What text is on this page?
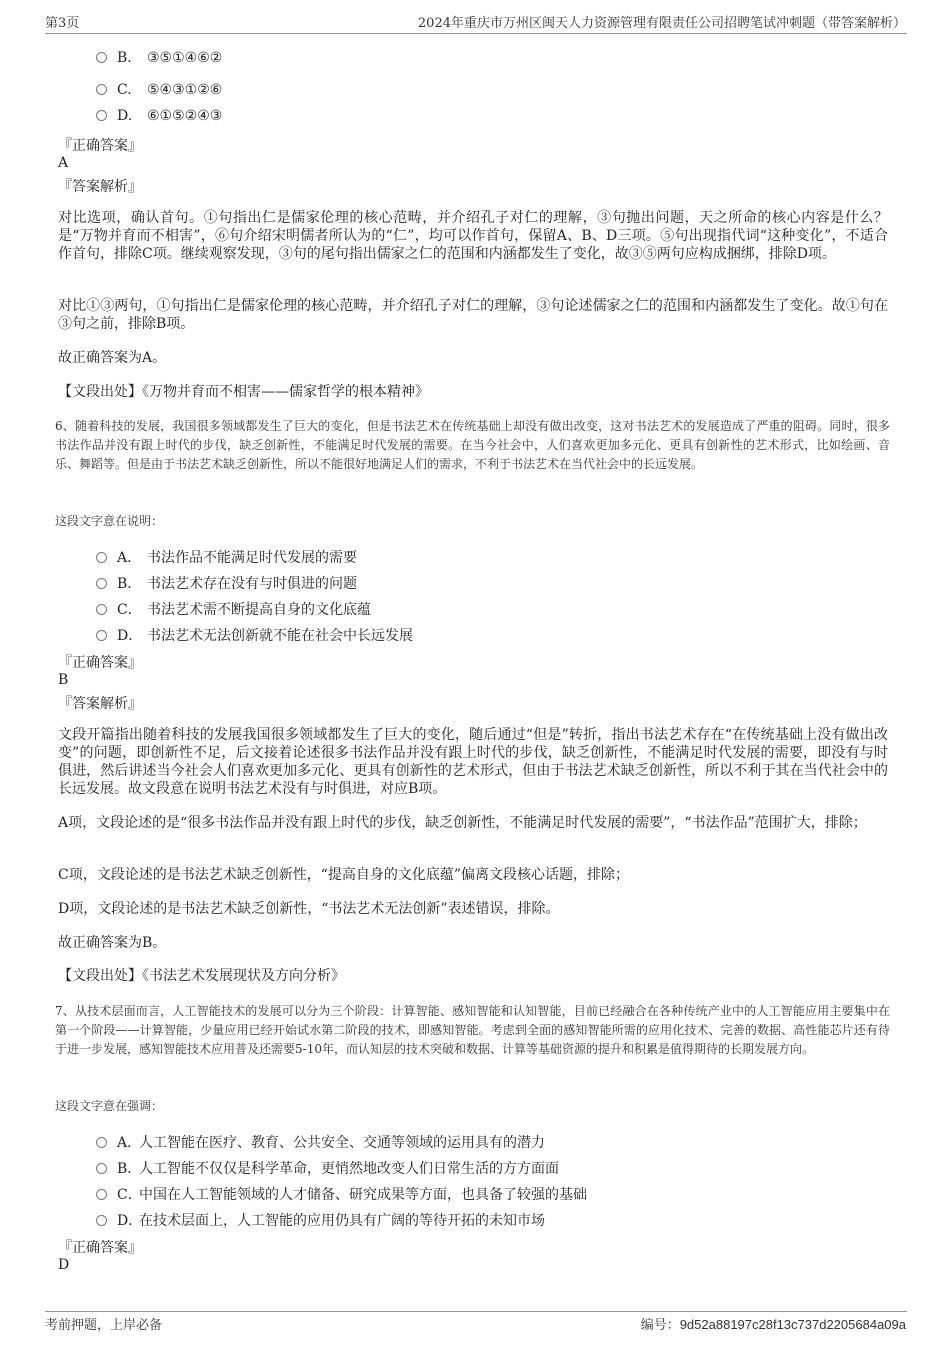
第3页	2024年重庆市万州区闽天人力资源管理有限责任公司招聘笔试冲刺题（带答案解析）
B. ③⑤①④⑥②
C. ⑤④③①②⑥
D. ⑥①⑤②④③
『正确答案』
A
『答案解析』
对比选项，确认首句。①句指出仁是儒家伦理的核心范畴，并介绍孔子对仁的理解，③句抛出问题，天之所命的核心内容是什么？是“万物并育而不相害”，⑥句介绍宋明儒者所认为的“仁”，均可以作首句，保留A、B、D三项。⑤句出现指代词“这种变化”，不适合作首句，排除C项。继续观察发现，③句的尾句指出儒家之仁的范围和内涵都发生了变化，故③⑤两句应构成捆绑，排除D项。
对比①③两句，①句指出仁是儒家伦理的核心范畴，并介绍孔子对仁的理解，③句论述儒家之仁的范围和内涵都发生了变化。故①句在③句之前，排除B项。
故正确答案为A。
【文段出处】《万物并育而不相害——儒家哲学的根本精神》
6、随着科技的发展，我国很多领域都发生了巨大的变化，但是书法艺术在传统基础上却没有做出改变，这对书法艺术的发展造成了严重的阻碍。同时，很多书法作品并没有跟上时代的步伐，缺乏创新性，不能满足时代发展的需要。在当今社会中，人们喜欢更加多元化、更具有创新性的艺术形式，比如绘画、音乐、舞蹈等。但是由于书法艺术缺乏创新性，所以不能很好地满足人们的需求，不利于书法艺术在当代社会中的长远发展。
这段文字意在说明：
A． 书法作品不能满足时代发展的需要
B． 书法艺术存在没有与时俱进的问题
C． 书法艺术需不断提高自身的文化底蕴
D． 书法艺术无法创新就不能在社会中长远发展
『正确答案』
B
『答案解析』
文段开篇指出随着科技的发展我国很多领域都发生了巨大的变化，随后通过“但是”转折，指出书法艺术存在“在传统基础上没有做出改变”的问题，即创新性不足，后文接着论述很多书法作品并没有跟上时代的步伐，缺乏创新性，不能满足时代发展的需要，即没有与时俱进，然后讲述当今社会人们喜欢更加多元化、更具有创新性的艺术形式，但由于书法艺术缺乏创新性，所以不利于其在当代社会中的长远发展。故文段意在说明书法艺术没有与时俱进，对应B项。
A项，文段论述的是“很多书法作品并没有跟上时代的步伐，缺乏创新性，不能满足时代发展的需要”，“书法作品”范围扩大，排除；
C项，文段论述的是书法艺术缺乏创新性，“提高自身的文化底蕴”偏离文段核心话题，排除；
D项，文段论述的是书法艺术缺乏创新性，“书法艺术无法创新”表述错误，排除。
故正确答案为B。
【文段出处】《书法艺术发展现状及方向分析》
7、从技术层面而言，人工智能技术的发展可以分为三个阶段：计算智能、感知智能和认知智能，目前已经融合在各种传统产业中的人工智能应用主要集中在第一个阶段——计算智能，少量应用已经开始试水第二阶段的技术，即感知智能。考虑到全面的感知智能所需的应用化技术、完善的数据、高性能芯片还有待于进一步发展，感知智能技术应用普及还需要5-10年，而认知层的技术突破和数据、计算等基础资源的提升和积累是值得期待的长期发展方向。
这段文字意在强调：
A．人工智能在医疗、教育、公共安全、交通等领域的运用具有的潜力
B．人工智能不仅仅是科学革命，更悄然地改变人们日常生活的方方面面
C．中国在人工智能领域的人才储备、研究成果等方面，也具备了较强的基础
D．在技术层面上，人工智能的应用仍具有广阔的等待开拓的未知市场
『正确答案』
D
考前押题，上岸必备	编号：9d52a88197c28f13c737d2205684a09a
